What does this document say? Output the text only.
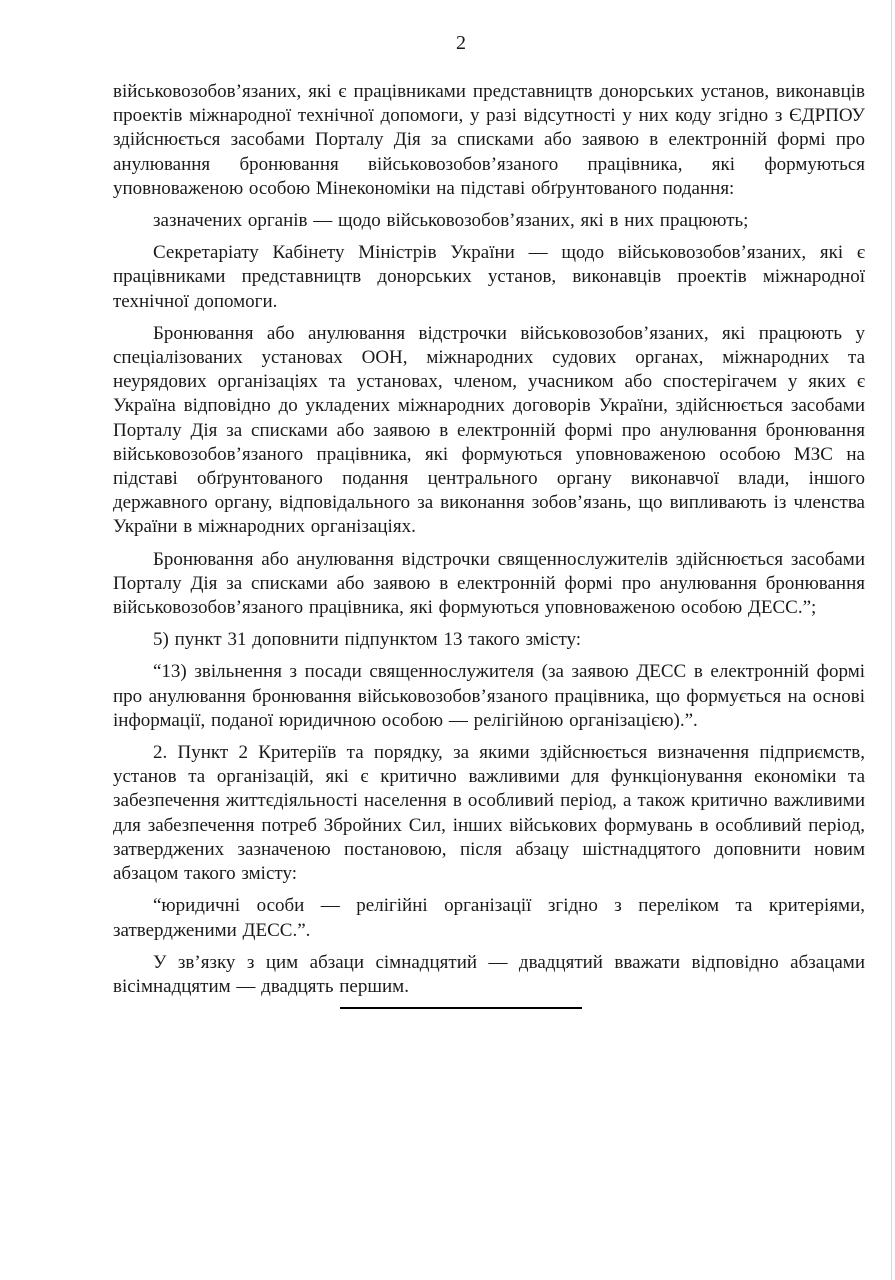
2

військовозобов’язаних, які є працівниками представництв донорських установ, виконавців проектів міжнародної технічної допомоги, у разі відсутності у них коду згідно з ЄДРПОУ здійснюється засобами Порталу Дія за списками або заявою в електронній формі про анулювання бронювання військовозобов’язаного працівника, які формуються уповноваженою особою Мінекономіки на підставі обґрунтованого подання:

зазначених органів — щодо військовозобов’язаних, які в них працюють;

Секретаріату Кабінету Міністрів України — щодо військовозобов’язаних, які є працівниками представництв донорських установ, виконавців проектів міжнародної технічної допомоги.

Бронювання або анулювання відстрочки військовозобов’язаних, які працюють у спеціалізованих установах ООН, міжнародних судових органах, міжнародних та неурядових організаціях та установах, членом, учасником або спостерігачем у яких є Україна відповідно до укладених міжнародних договорів України, здійснюється засобами Порталу Дія за списками або заявою в електронній формі про анулювання бронювання військовозобов’язаного працівника, які формуються уповноваженою особою МЗС на підставі обґрунтованого подання центрального органу виконавчої влади, іншого державного органу, відповідального за виконання зобов’язань, що випливають із членства України в міжнародних організаціях.

Бронювання або анулювання відстрочки священнослужителів здійснюється засобами Порталу Дія за списками або заявою в електронній формі про анулювання бронювання військовозобов’язаного працівника, які формуються уповноваженою особою ДЕСС.”;

5) пункт 31 доповнити підпунктом 13 такого змісту:

“13) звільнення з посади священнослужителя (за заявою ДЕСС в електронній формі про анулювання бронювання військовозобов’язаного працівника, що формується на основі інформації, поданої юридичною особою — релігійною організацією).”.

2. Пункт 2 Критеріїв та порядку, за якими здійснюється визначення підприємств, установ та організацій, які є критично важливими для функціонування економіки та забезпечення життєдіяльності населення в особливий період, а також критично важливими для забезпечення потреб Збройних Сил, інших військових формувань в особливий період, затверджених зазначеною постановою, після абзацу шістнадцятого доповнити новим абзацом такого змісту:

“юридичні особи — релігійні організації згідно з переліком та критеріями, затвердженими ДЕСС.”.

У зв’язку з цим абзаци сімнадцятий — двадцятий вважати відповідно абзацами вісімнадцятим — двадцять першим.
